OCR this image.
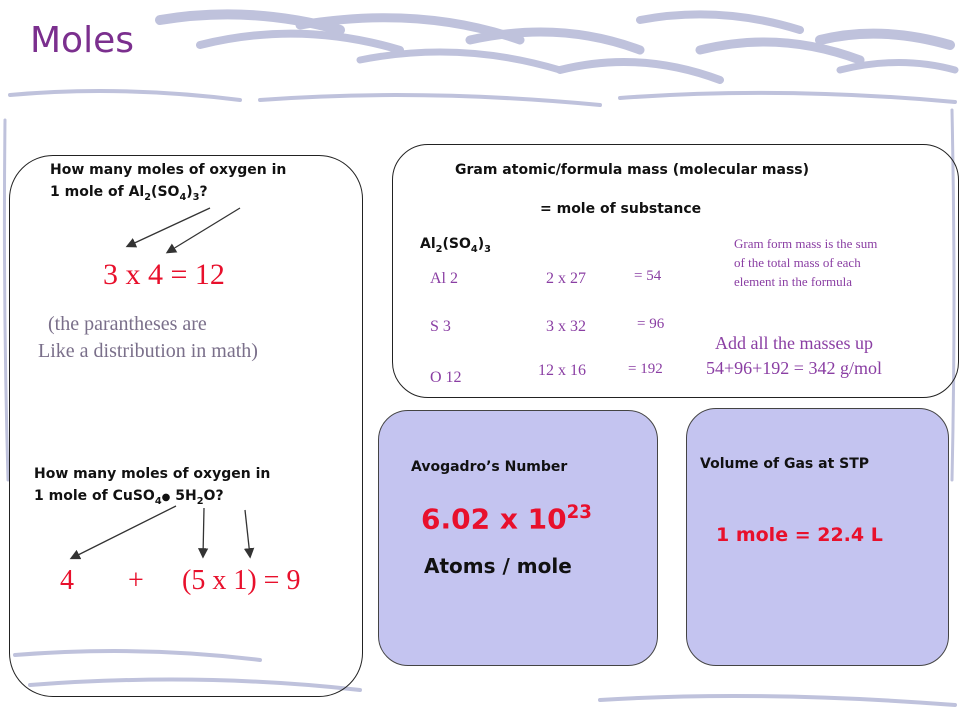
Moles
How many moles of oxygen in
1 mole of $Al_2(SO_4)_3$?
3 x 4 = 12
(the parantheses are
Like a distribution in math)
How many moles of oxygen in
1 mole of CuSO$_4$● $5H_2O$?
4 + (5 x 1) = 9
Gram atomic/formula mass (molecular mass)
= mole of substance
$Al_2(SO_4)_3$
Al 2	2 x 27	= 54
S 3	3 x 32	= 96
O 12	12 x 16	= 192
Gram form mass is the sum
of the total mass of each
element in the formula
Add all the masses up
54+96+192 = 342 g/mol
Avogadro’s Number
6.02 x $10^{23}$
Atoms / mole
Volume of Gas at STP
1 mole = 22.4 L
